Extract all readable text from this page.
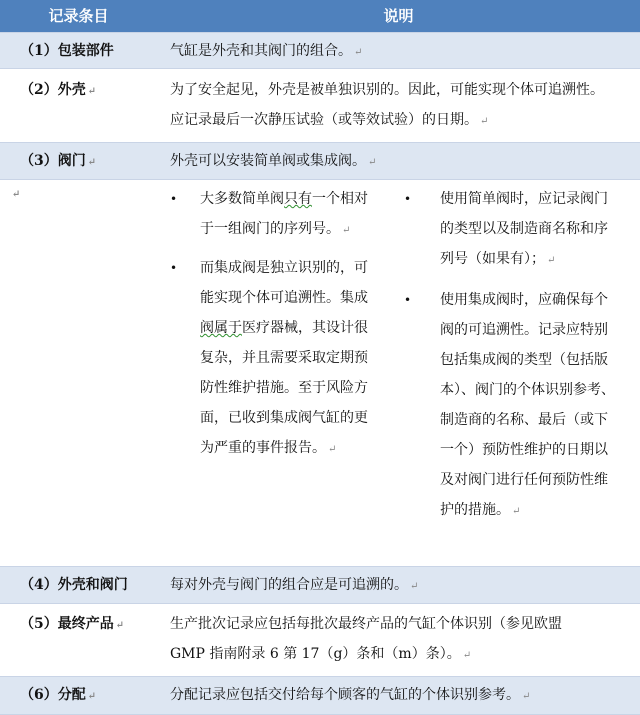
记录条目	说明
（1）包装部件	气缸是外壳和其阀门的组合。 ↵
（2）外壳 ↵	为了安全起见，外壳是被单独识别的。因此，可能实现个体可追溯性。
应记录最后一次静压试验（或等效试验）的日期。 ↵
（3）阀门 ↵	外壳可以安装简单阀或集成阀。 ↵
↵	•	大多数简单阀只有一个相对
于一组阀门的序列号。 ↵
•	而集成阀是独立识别的，可
能实现个体可追溯性。集成
阀属于医疗器械，其设计很
复杂，并且需要采取定期预
防性维护措施。至于风险方
面，已收到集成阀气缸的更
为严重的事件报告。 ↵
•	使用简单阀时，应记录阀门
的类型以及制造商名称和序
列号（如果有）； ↵
•	使用集成阀时，应确保每个
阀的可追溯性。记录应特别
包括集成阀的类型（包括版
本）、阀门的个体识别参考、
制造商的名称、最后（或下
一个）预防性维护的日期以
及对阀门进行任何预防性维
护的措施。 ↵
（4）外壳和阀门	每对外壳与阀门的组合应是可追溯的。 ↵
（5）最终产品 ↵	生产批次记录应包括每批次最终产品的气缸个体识别（参见欧盟
GMP 指南附录 6 第 17（g）条和（m）条）。 ↵
（6）分配 ↵	分配记录应包括交付给每个顾客的气缸的个体识别参考。 ↵
